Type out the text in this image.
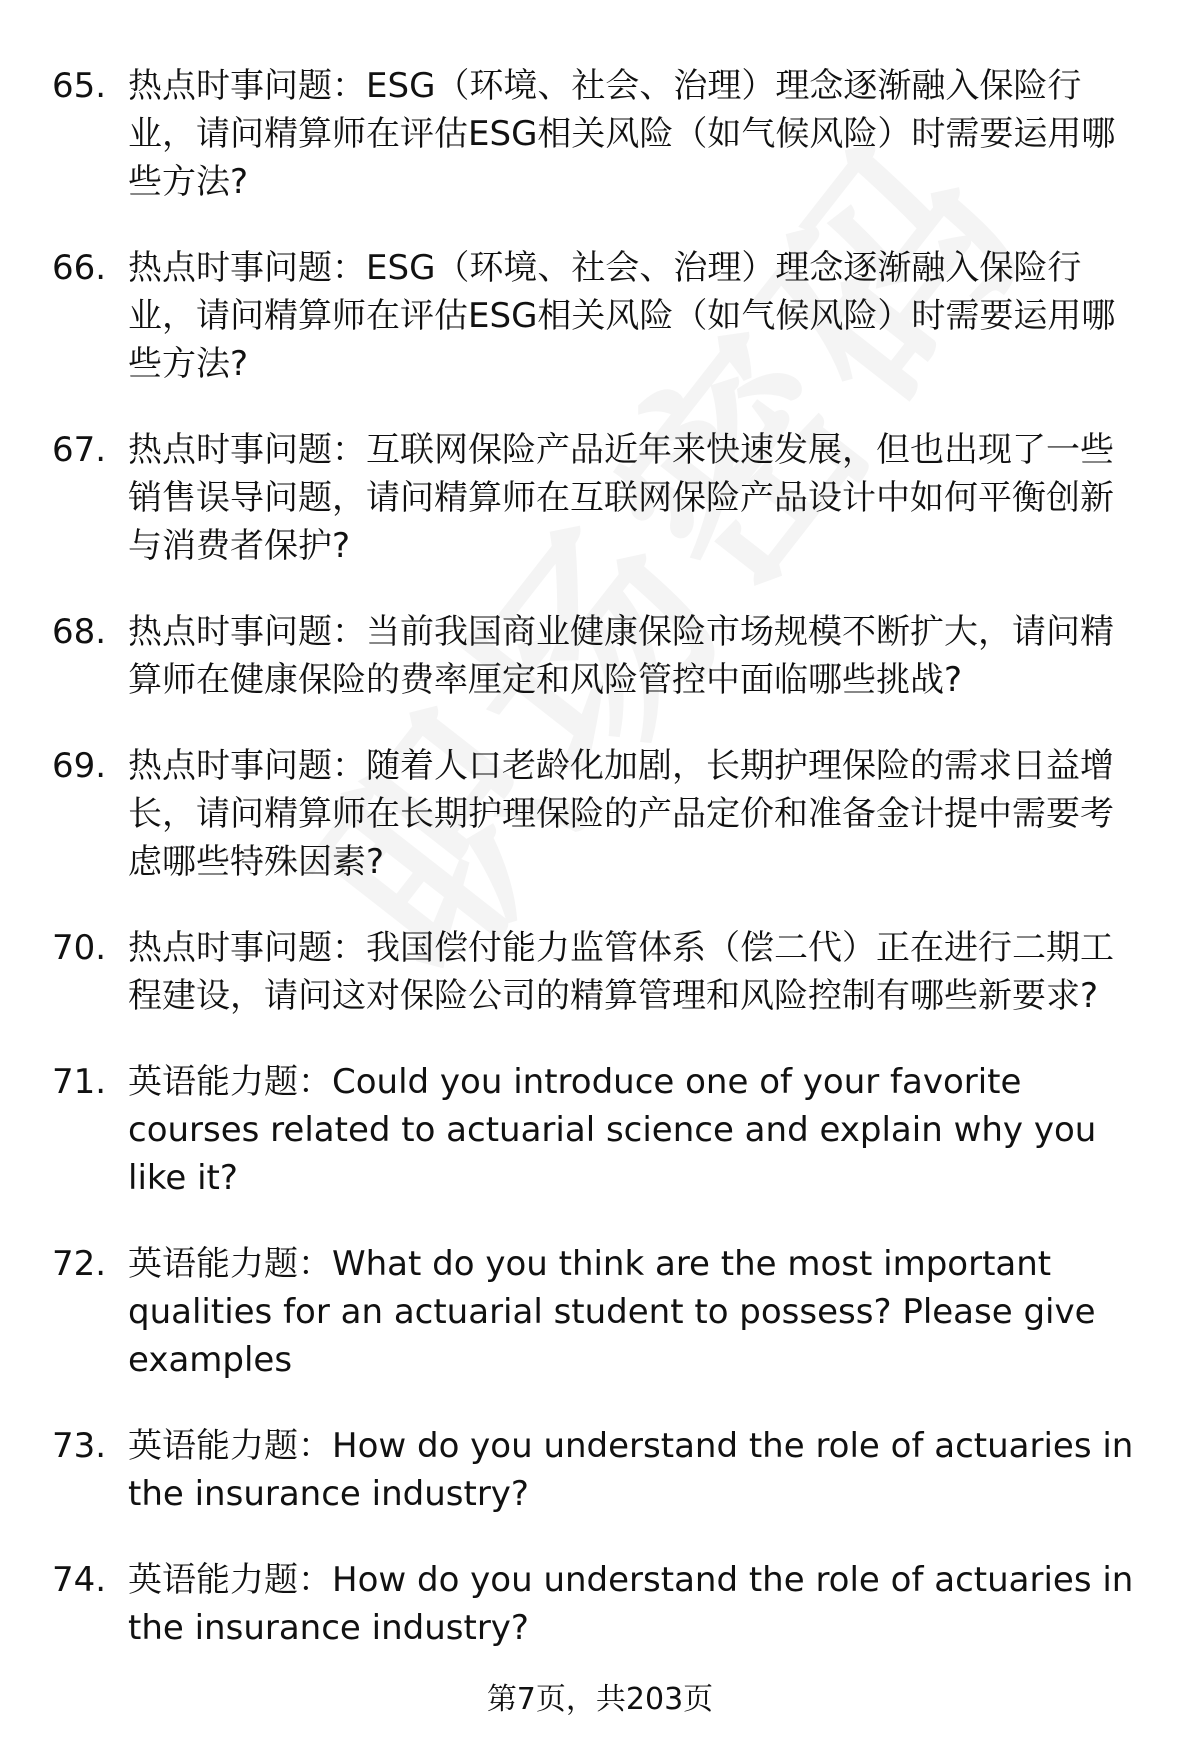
65. 热点时事问题：ESG（环境、社会、治理）理念逐渐融入保险行业，请问精算师在评估ESG相关风险（如气候风险）时需要运用哪些方法?
66. 热点时事问题：ESG（环境、社会、治理）理念逐渐融入保险行业，请问精算师在评估ESG相关风险（如气候风险）时需要运用哪些方法?
67. 热点时事问题：互联网保险产品近年来快速发展，但也出现了一些销售误导问题，请问精算师在互联网保险产品设计中如何平衡创新与消费者保护?
68. 热点时事问题：当前我国商业健康保险市场规模不断扩大，请问精算师在健康保险的费率厘定和风险管控中面临哪些挑战?
69. 热点时事问题：随着人口老龄化加剧，长期护理保险的需求日益增长，请问精算师在长期护理保险的产品定价和准备金计提中需要考虑哪些特殊因素?
70. 热点时事问题：我国偿付能力监管体系（偿二代）正在进行二期工程建设，请问这对保险公司的精算管理和风险控制有哪些新要求?
71. 英语能力题：Could you introduce one of your favorite courses related to actuarial science and explain why you like it?
72. 英语能力题：What do you think are the most important qualities for an actuarial student to possess? Please give examples
73. 英语能力题：How do you understand the role of actuaries in the insurance industry?
74. 英语能力题：How do you understand the role of actuaries in the insurance industry?
第7页，共203页
